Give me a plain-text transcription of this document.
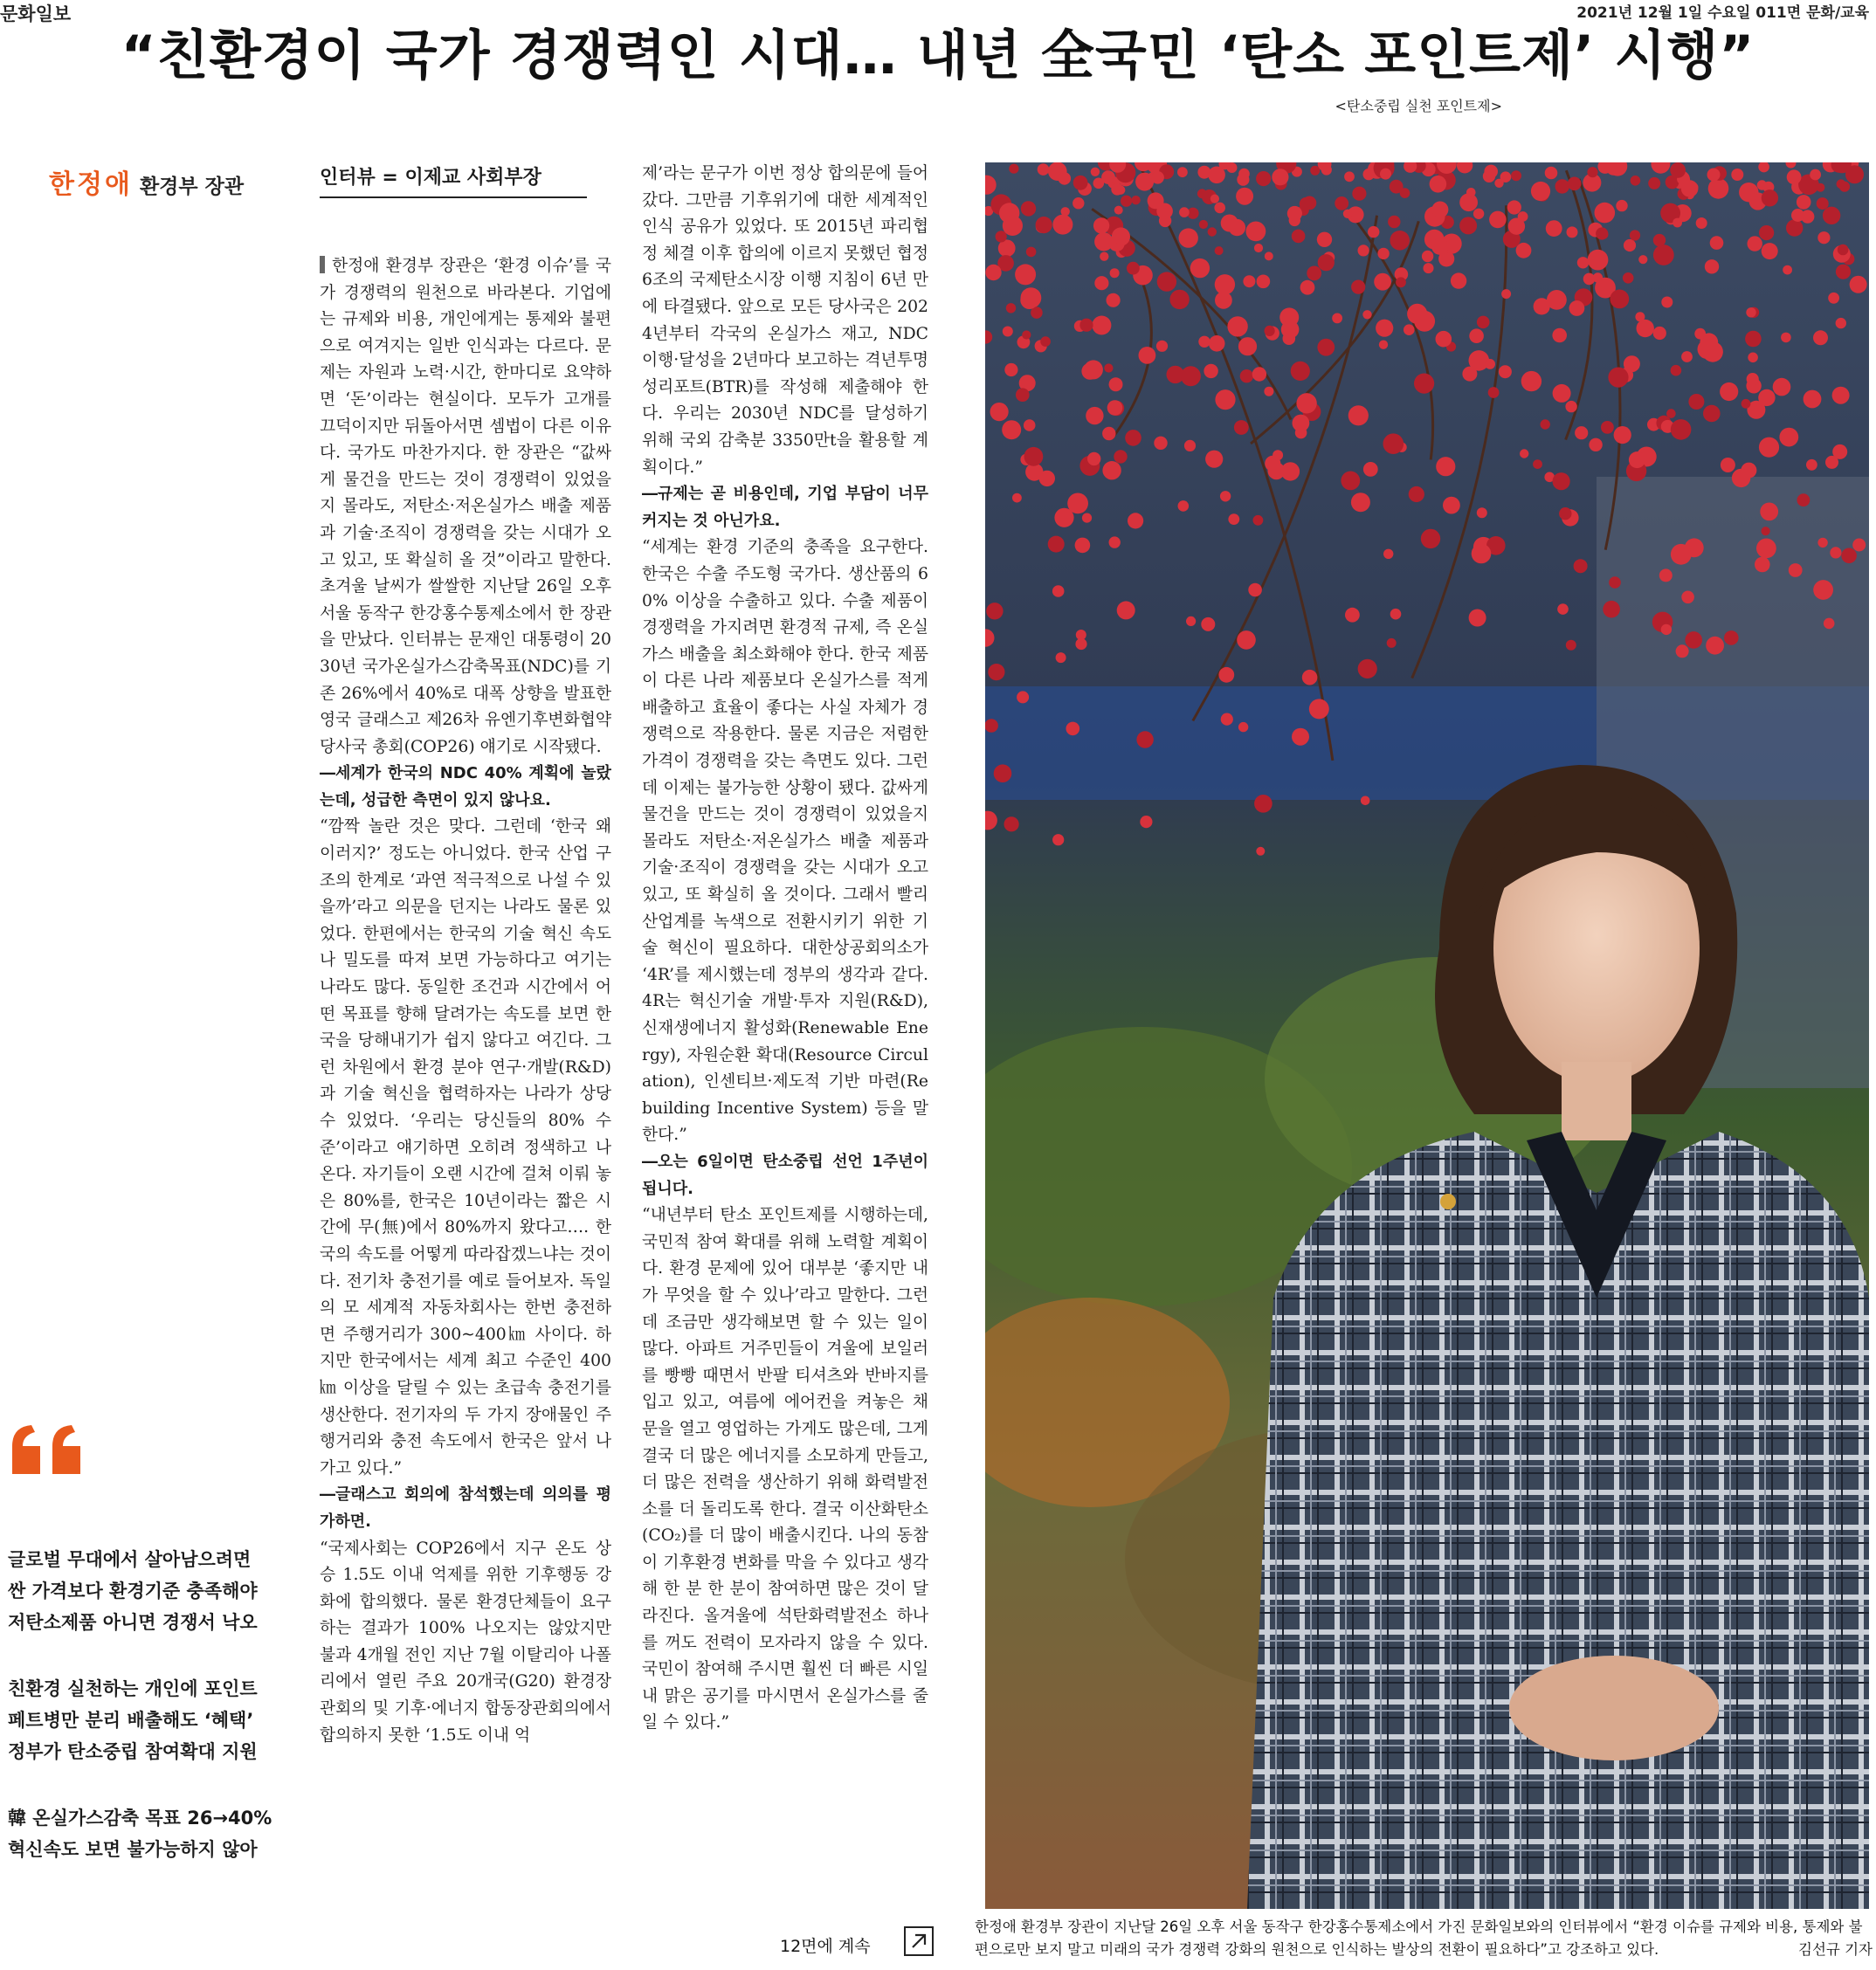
문화일보	2021년 12월 1일 수요일 011면 문화/교육
“친환경이 국가 경쟁력인 시대… 내년 全국민 ‘탄소 포인트제’ 시행”
<탄소중립 실천 포인트제>
한정애 환경부 장관
글로벌 무대에서 살아남으려면
싼 가격보다 환경기준 충족해야
저탄소제품 아니면 경쟁서 낙오
친환경 실천하는 개인에 포인트
페트병만 분리 배출해도 ‘혜택’
정부가 탄소중립 참여확대 지원
韓 온실가스감축 목표 26→40%
혁신속도 보면 불가능하지 않아
인터뷰 = 이제교 사회부장

한정애 환경부 장관은 ‘환경 이슈’를 국가 경쟁력의 원천으로 바라본다. 기업에는 규제와 비용, 개인에게는 통제와 불편으로 여겨지는 일반 인식과는 다르다. 문제는 자원과 노력·시간, 한마디로 요약하면 ‘돈’이라는 현실이다. 모두가 고개를 끄덕이지만 뒤돌아서면 셈법이 다른 이유다. 국가도 마찬가지다. 한 장관은 “값싸게 물건을 만드는 것이 경쟁력이 있었을지 몰라도, 저탄소·저온실가스 배출 제품과 기술·조직이 경쟁력을 갖는 시대가 오고 있고, 또 확실히 올 것”이라고 말한다. 초겨울 날씨가 쌀쌀한 지난달 26일 오후 서울 동작구 한강홍수통제소에서 한 장관을 만났다. 인터뷰는 문재인 대통령이 2030년 국가온실가스감축목표(NDC)를 기존 26%에서 40%로 대폭 상향을 발표한 영국 글래스고 제26차 유엔기후변화협약 당사국 총회(COP26) 얘기로 시작됐다.

―세계가 한국의 NDC 40% 계획에 놀랐는데, 성급한 측면이 있지 않나요.

“깜짝 놀란 것은 맞다. 그런데 ‘한국 왜 이러지?’ 정도는 아니었다. 한국 산업 구조의 한계로 ‘과연 적극적으로 나설 수 있을까’라고 의문을 던지는 나라도 물론 있었다. 한편에서는 한국의 기술 혁신 속도나 밀도를 따져 보면 가능하다고 여기는 나라도 많다. 동일한 조건과 시간에서 어떤 목표를 향해 달려가는 속도를 보면 한국을 당해내기가 쉽지 않다고 여긴다. 그런 차원에서 환경 분야 연구·개발(R&D)과 기술 혁신을 협력하자는 나라가 상당수 있었다. ‘우리는 당신들의 80% 수준’이라고 얘기하면 오히려 정색하고 나온다. 자기들이 오랜 시간에 걸쳐 이뤄 놓은 80%를, 한국은 10년이라는 짧은 시간에 무(無)에서 80%까지 왔다고…. 한국의 속도를 어떻게 따라잡겠느냐는 것이다. 전기차 충전기를 예로 들어보자. 독일의 모 세계적 자동차회사는 한번 충전하면 주행거리가 300∼400㎞ 사이다. 하지만 한국에서는 세계 최고 수준인 400㎞ 이상을 달릴 수 있는 초급속 충전기를 생산한다. 전기자의 두 가지 장애물인 주행거리와 충전 속도에서 한국은 앞서 나가고 있다.”

―글래스고 회의에 참석했는데 의의를 평가하면.

“국제사회는 COP26에서 지구 온도 상승 1.5도 이내 억제를 위한 기후행동 강화에 합의했다. 물론 환경단체들이 요구하는 결과가 100% 나오지는 않았지만 불과 4개월 전인 지난 7월 이탈리아 나폴리에서 열린 주요 20개국(G20) 환경장관회의 및 기후·에너지 합동장관회의에서 합의하지 못한 ‘1.5도 이내 억

제’라는 문구가 이번 정상 합의문에 들어갔다. 그만큼 기후위기에 대한 세계적인 인식 공유가 있었다. 또 2015년 파리협정 체결 이후 합의에 이르지 못했던 협정 6조의 국제탄소시장 이행 지침이 6년 만에 타결됐다. 앞으로 모든 당사국은 2024년부터 각국의 온실가스 재고, NDC 이행·달성을 2년마다 보고하는 격년투명성리포트(BTR)를 작성해 제출해야 한다. 우리는 2030년 NDC를 달성하기 위해 국외 감축분 3350만t을 활용할 계획이다.”

―규제는 곧 비용인데, 기업 부담이 너무 커지는 것 아닌가요.

“세계는 환경 기준의 충족을 요구한다. 한국은 수출 주도형 국가다. 생산품의 60% 이상을 수출하고 있다. 수출 제품이 경쟁력을 가지려면 환경적 규제, 즉 온실가스 배출을 최소화해야 한다. 한국 제품이 다른 나라 제품보다 온실가스를 적게 배출하고 효율이 좋다는 사실 자체가 경쟁력으로 작용한다. 물론 지금은 저렴한 가격이 경쟁력을 갖는 측면도 있다. 그런데 이제는 불가능한 상황이 됐다. 값싸게 물건을 만드는 것이 경쟁력이 있었을지 몰라도 저탄소·저온실가스 배출 제품과 기술·조직이 경쟁력을 갖는 시대가 오고 있고, 또 확실히 올 것이다. 그래서 빨리 산업계를 녹색으로 전환시키기 위한 기술 혁신이 필요하다. 대한상공회의소가 ‘4R’를 제시했는데 정부의 생각과 같다. 4R는 혁신기술 개발·투자 지원(R&D), 신재생에너지 활성화(Renewable Energy), 자원순환 확대(Resource Circulation), 인센티브·제도적 기반 마련(Rebuilding Incentive System) 등을 말한다.”

―오는 6일이면 탄소중립 선언 1주년이 됩니다.

“내년부터 탄소 포인트제를 시행하는데, 국민적 참여 확대를 위해 노력할 계획이다. 환경 문제에 있어 대부분 ‘좋지만 내가 무엇을 할 수 있나’라고 말한다. 그런데 조금만 생각해보면 할 수 있는 일이 많다. 아파트 거주민들이 겨울에 보일러를 빵빵 때면서 반팔 티셔츠와 반바지를 입고 있고, 여름에 에어컨을 켜놓은 채 문을 열고 영업하는 가게도 많은데, 그게 결국 더 많은 에너지를 소모하게 만들고, 더 많은 전력을 생산하기 위해 화력발전소를 더 돌리도록 한다. 결국 이산화탄소(CO₂)를 더 많이 배출시킨다. 나의 동참이 기후환경 변화를 막을 수 있다고 생각해 한 분 한 분이 참여하면 많은 것이 달라진다. 올겨울에 석탄화력발전소 하나를 꺼도 전력이 모자라지 않을 수 있다. 국민이 참여해 주시면 훨씬 더 빠른 시일 내 맑은 공기를 마시면서 온실가스를 줄일 수 있다.”

12면에 계속
한정애 환경부 장관이 지난달 26일 오후 서울 동작구 한강홍수통제소에서 가진 문화일보와의 인터뷰에서 “환경 이슈를 규제와 비용, 통제와 불편으로만 보지 말고 미래의 국가 경쟁력 강화의 원천으로 인식하는 발상의 전환이 필요하다”고 강조하고 있다.	김선규 기자
